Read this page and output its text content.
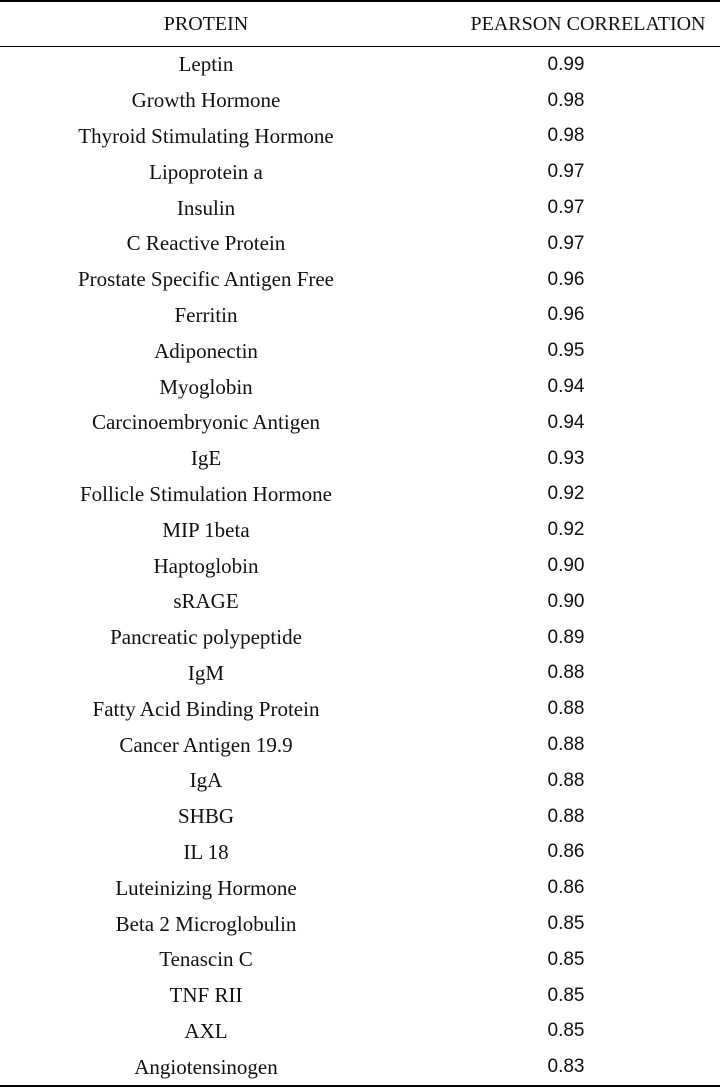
PROTEIN	PEARSON CORRELATION
Leptin	0.99
Growth Hormone	0.98
Thyroid Stimulating Hormone	0.98
Lipoprotein a	0.97
Insulin	0.97
C Reactive Protein	0.97
Prostate Specific Antigen Free	0.96
Ferritin	0.96
Adiponectin	0.95
Myoglobin	0.94
Carcinoembryonic Antigen	0.94
IgE	0.93
Follicle Stimulation Hormone	0.92
MIP 1beta	0.92
Haptoglobin	0.90
sRAGE	0.90
Pancreatic polypeptide	0.89
IgM	0.88
Fatty Acid Binding Protein	0.88
Cancer Antigen 19.9	0.88
IgA	0.88
SHBG	0.88
IL 18	0.86
Luteinizing Hormone	0.86
Beta 2 Microglobulin	0.85
Tenascin C	0.85
TNF RII	0.85
AXL	0.85
Angiotensinogen	0.83
